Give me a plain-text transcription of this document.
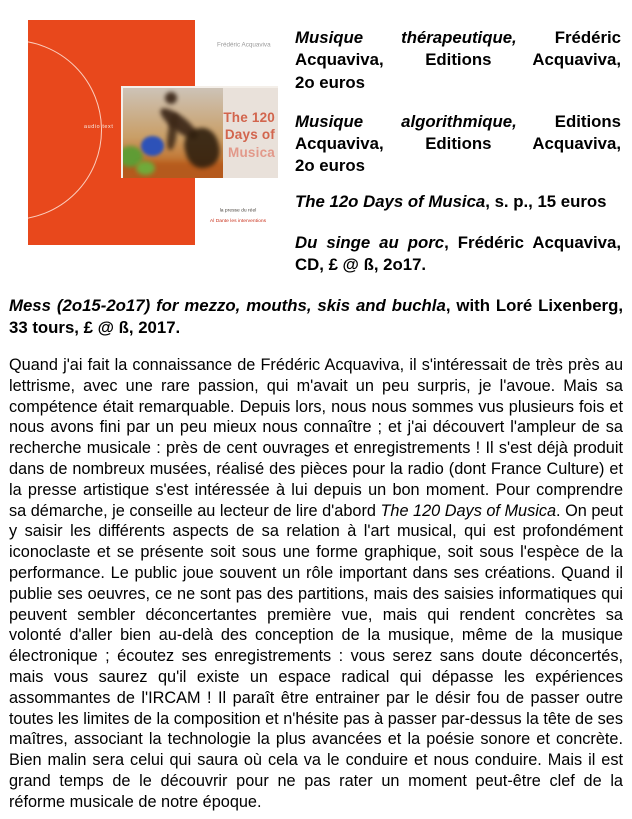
audio text
Frédéric Acquaviva
The 120
Days of
Musica
la presse du réel
Al Dante les interventions
Musique thérapeutique, Frédéric
Acquaviva, Editions Acquaviva,
2o euros
Musique algorithmique, Editions
Acquaviva, Editions Acquaviva,
2o euros
The 12o Days of Musica, s. p., 15 euros
Du singe au porc, Frédéric Acquaviva,
CD, £ @ ß, 2o17.
Mess (2o15-2o17) for mezzo, mouths, skis and buchla, with Loré Lixenberg,
33 tours, £ @ ß, 2017.
Quand j'ai fait la connaissance de Frédéric Acquaviva, il s'intéressait de très près au lettrisme, avec une rare passion, qui m'avait un peu surpris, je l'avoue. Mais sa compétence était remarquable. Depuis lors, nous nous sommes vus plusieurs fois et nous avons fini par un peu mieux nous connaître ; et j'ai découvert l'ampleur de sa recherche musicale : près de cent ouvrages et enregistrements ! Il s'est déjà produit dans de nombreux musées, réalisé des pièces pour la radio (dont France Culture) et la presse artistique s'est intéressée à lui depuis un bon moment. Pour comprendre sa démarche, je conseille au lecteur de lire d'abord The 120 Days of Musica. On peut y saisir les différents aspects de sa relation à l'art musical, qui est profondément iconoclaste et se présente soit sous une forme graphique, soit sous l'espèce de la performance. Le public joue souvent un rôle important dans ses créations. Quand il publie ses oeuvres, ce ne sont pas des partitions, mais des saisies informatiques qui peuvent sembler déconcertantes première vue, mais qui rendent concrètes sa volonté d'aller bien au-delà des conception de la musique, même de la musique électronique ; écoutez ses enregistrements : vous serez sans doute déconcertés, mais vous saurez qu'il existe un espace radical qui dépasse les expériences assommantes de l'IRCAM ! Il paraît être entrainer par le désir fou de passer outre toutes les limites de la composition et n'hésite pas à passer par-dessus la tête de ses maîtres, associant la technologie la plus avancées et la poésie sonore et concrète. Bien malin sera celui qui saura où cela va le conduire et nous conduire. Mais il est grand temps de le découvrir pour ne pas rater un moment peut-être clef de la réforme musicale de notre époque.
